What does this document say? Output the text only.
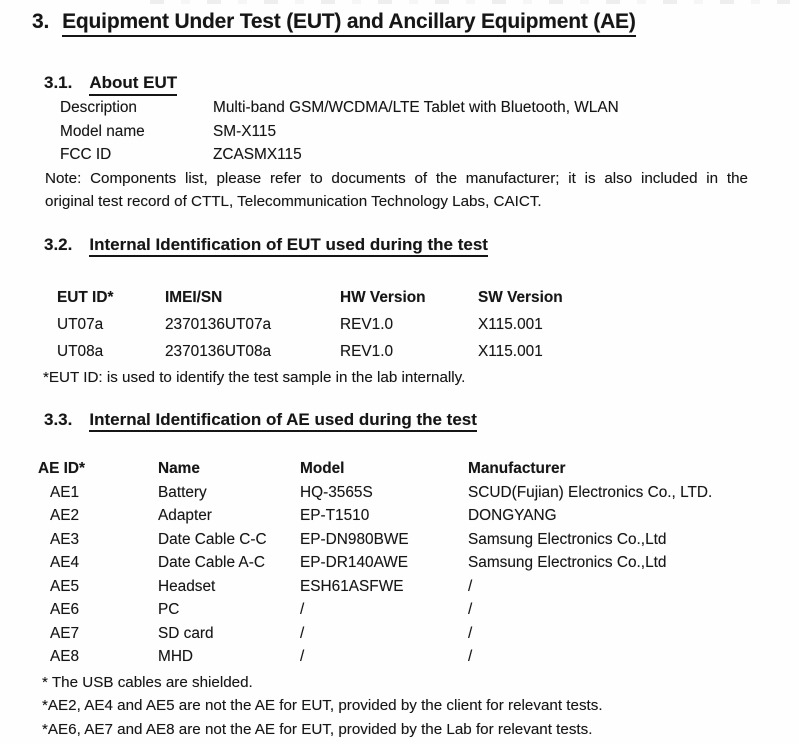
3. Equipment Under Test (EUT) and Ancillary Equipment (AE)
3.1. About EUT
Description	Multi-band GSM/WCDMA/LTE Tablet with Bluetooth, WLAN
Model name	SM-X115
FCC ID	ZCASMX115
Note: Components list, please refer to documents of the manufacturer; it is also included in the
original test record of CTTL, Telecommunication Technology Labs, CAICT.
3.2. Internal Identification of EUT used during the test
EUT ID*	IMEI/SN	HW Version	SW Version
UT07a	2370136UT07a	REV1.0	X115.001
UT08a	2370136UT08a	REV1.0	X115.001
*EUT ID: is used to identify the test sample in the lab internally.
3.3. Internal Identification of AE used during the test
AE ID*	Name	Model	Manufacturer
AE1	Battery	HQ-3565S	SCUD(Fujian) Electronics Co., LTD.
AE2	Adapter	EP-T1510	DONGYANG
AE3	Date Cable C-C	EP-DN980BWE	Samsung Electronics Co.,Ltd
AE4	Date Cable A-C	EP-DR140AWE	Samsung Electronics Co.,Ltd
AE5	Headset	ESH61ASFWE	/
AE6	PC	/	/
AE7	SD card	/	/
AE8	MHD	/	/
* The USB cables are shielded.
*AE2, AE4 and AE5 are not the AE for EUT, provided by the client for relevant tests.
*AE6, AE7 and AE8 are not the AE for EUT, provided by the Lab for relevant tests.
